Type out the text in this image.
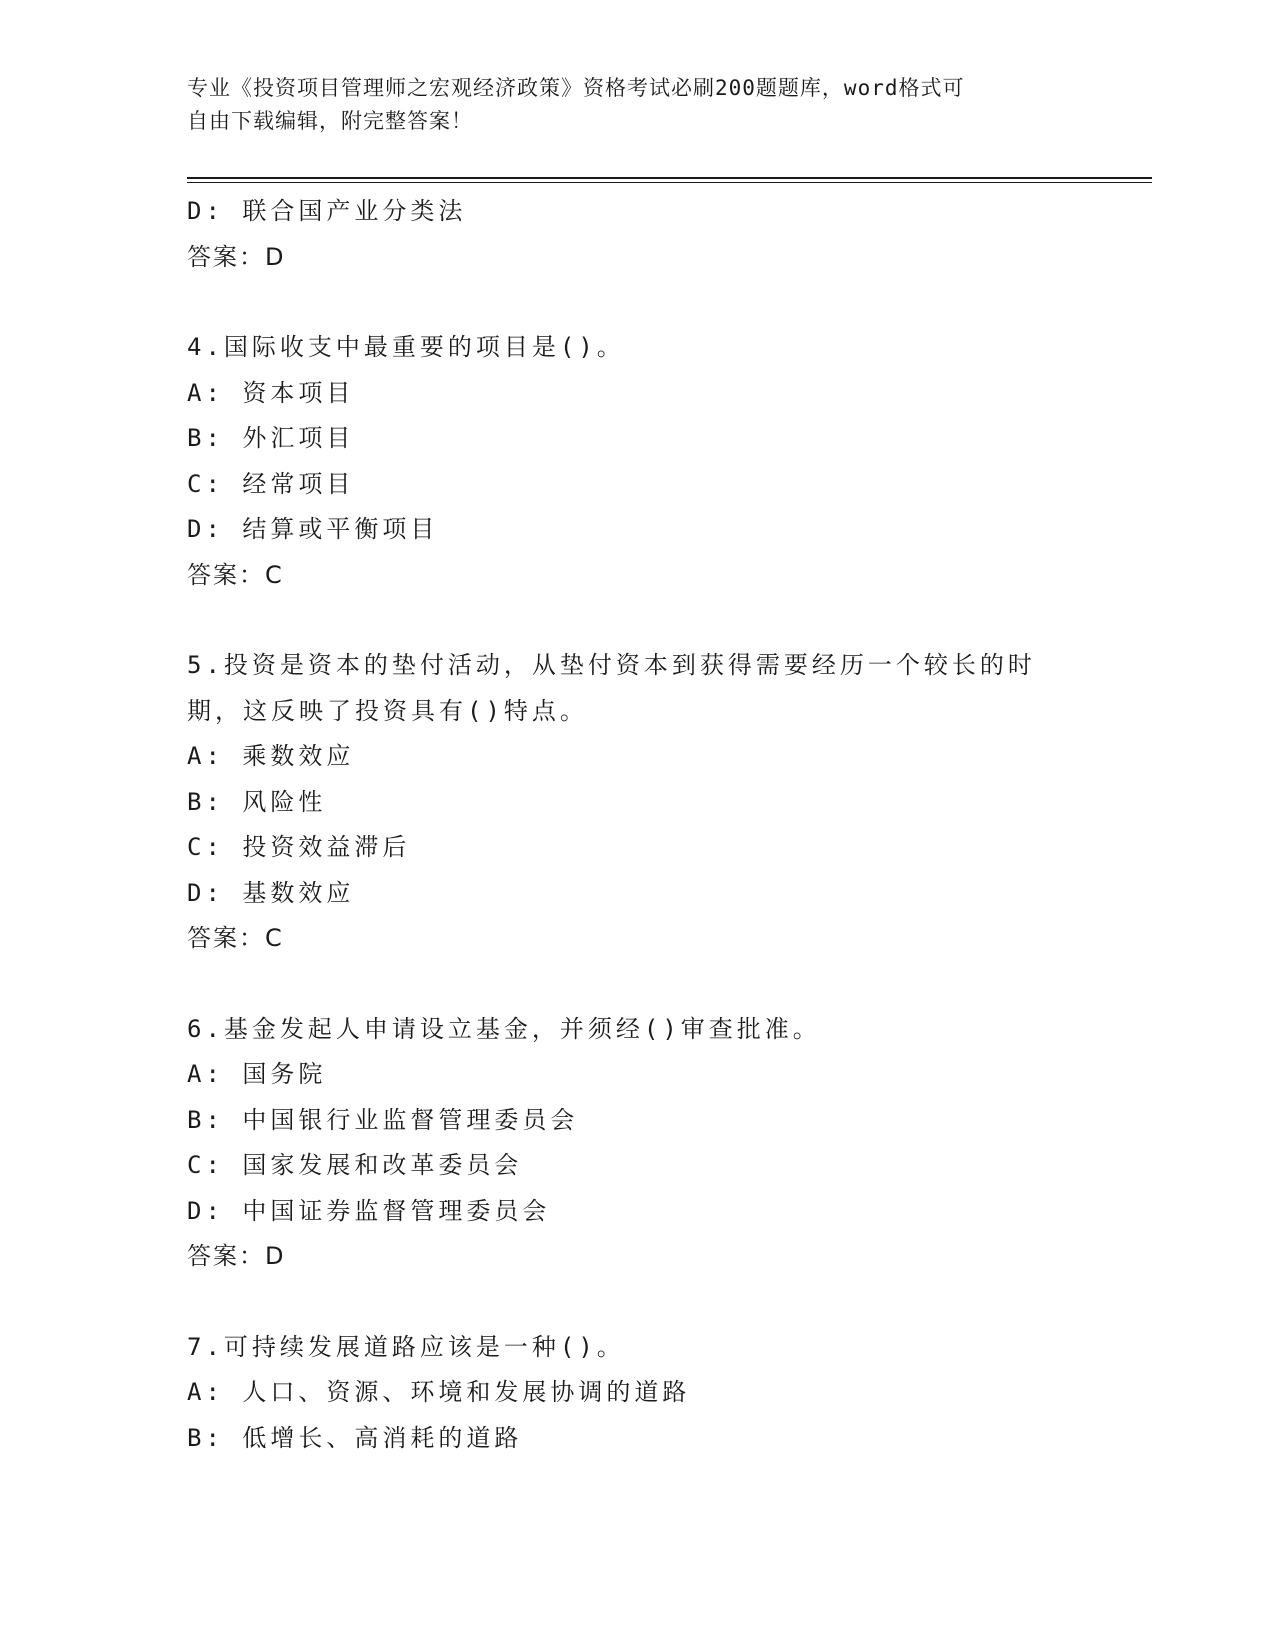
专业《投资项目管理师之宏观经济政策》资格考试必刷200题题库，word格式可
自由下载编辑，附完整答案！
D: 联合国产业分类法
答案：D
4.国际收支中最重要的项目是()。
A: 资本项目
B: 外汇项目
C: 经常项目
D: 结算或平衡项目
答案：C
5.投资是资本的垫付活动，从垫付资本到获得需要经历一个较长的时
期，这反映了投资具有()特点。
A: 乘数效应
B: 风险性
C: 投资效益滞后
D: 基数效应
答案：C
6.基金发起人申请设立基金，并须经()审查批准。
A: 国务院
B: 中国银行业监督管理委员会
C: 国家发展和改革委员会
D: 中国证券监督管理委员会
答案：D
7.可持续发展道路应该是一种()。
A: 人口、资源、环境和发展协调的道路
B: 低增长、高消耗的道路
